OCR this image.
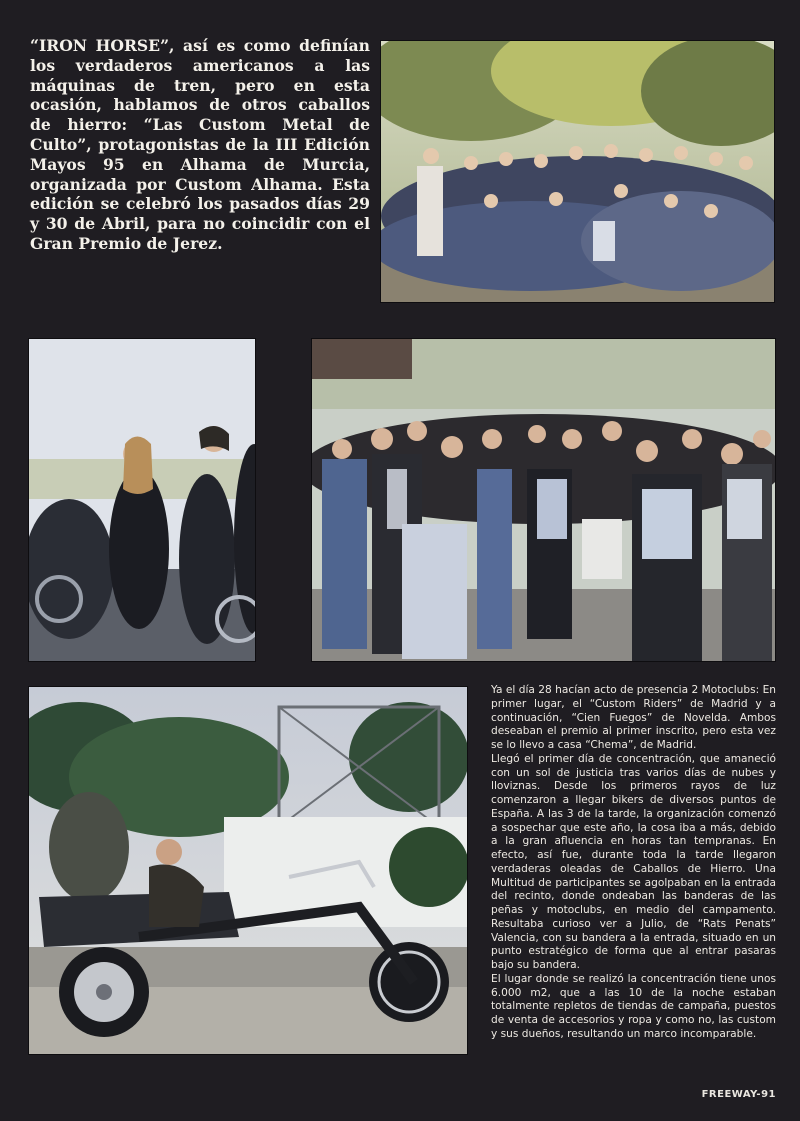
“IRON HORSE”, así es como definían los verdaderos americanos a las máquinas de tren, pero en esta ocasión, hablamos de otros caballos de hierro: “Las Custom Metal de Culto”, protagonistas de la III Edición Mayos 95 en Alhama de Murcia, organizada por Custom Alhama. Esta edición se celebró los pasados días 29 y 30 de Abril, para no coincidir con el Gran Premio de Jerez.

Ya el día 28 hacían acto de presencia 2 Motoclubs: En primer lugar, el “Custom Riders” de Madrid y a continuación, “Cien Fuegos” de Novelda. Ambos deseaban el premio al primer inscrito, pero esta vez se lo llevo a casa “Chema”, de Madrid.

Llegó el primer día de concentración, que amaneció con un sol de justicia tras varios días de nubes y lloviznas. Desde los primeros rayos de luz comenzaron a llegar bikers de diversos puntos de España. A las 3 de la tarde, la organización comenzó a sospechar que este año, la cosa iba a más, debido a la gran afluencia en horas tan tempranas. En efecto, así fue, durante toda la tarde llegaron verdaderas oleadas de Caballos de Hierro. Una Multitud de participantes se agolpaban en la entrada del recinto, donde ondeaban las banderas de las peñas y motoclubs, en medio del campamento. Resultaba curioso ver a Julio, de “Rats Penats” Valencia, con su bandera a la entrada, situado en un punto estratégico de forma que al entrar pasaras bajo su bandera.

El lugar donde se realizó la concentración tiene unos 6.000 m2, que a las 10 de la noche estaban totalmente repletos de tiendas de campaña, puestos de venta de accesorios y ropa y como no, las custom y sus dueños, resultando un marco incomparable.

FREEWAY-91
